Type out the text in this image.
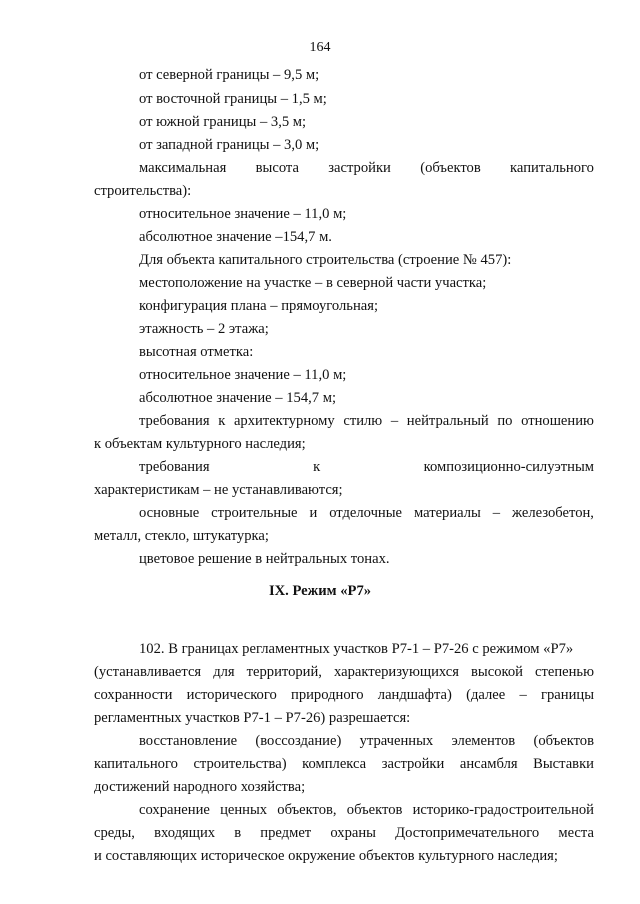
164
от северной границы – 9,5 м;
от восточной границы – 1,5 м;
от южной границы – 3,5 м;
от западной границы – 3,0 м;
максимальная высота застройки (объектов капитального
строительства):
относительное значение – 11,0 м;
абсолютное значение –154,7 м.
Для объекта капитального строительства (строение № 457):
местоположение на участке – в северной части участка;
конфигурация плана – прямоугольная;
этажность – 2 этажа;
высотная отметка:
относительное значение – 11,0 м;
абсолютное значение – 154,7 м;
требования к архитектурному стилю – нейтральный по отношению
к объектам культурного наследия;
требования	к	композиционно-силуэтным
характеристикам – не устанавливаются;
основные строительные и отделочные материалы – железобетон,
металл, стекло, штукатурка;
цветовое решение в нейтральных тонах.
IX. Режим «Р7»
102. В границах регламентных участков Р7-1 – Р7-26 с режимом «Р7»
(устанавливается для территорий, характеризующихся высокой степенью
сохранности исторического природного ландшафта) (далее – границы
регламентных участков Р7-1 – Р7-26) разрешается:
восстановление (воссоздание) утраченных элементов (объектов
капитального строительства) комплекса застройки ансамбля Выставки
достижений народного хозяйства;
сохранение ценных объектов, объектов историко-градостроительной
среды, входящих в предмет охраны Достопримечательного места
и составляющих историческое окружение объектов культурного наследия;
